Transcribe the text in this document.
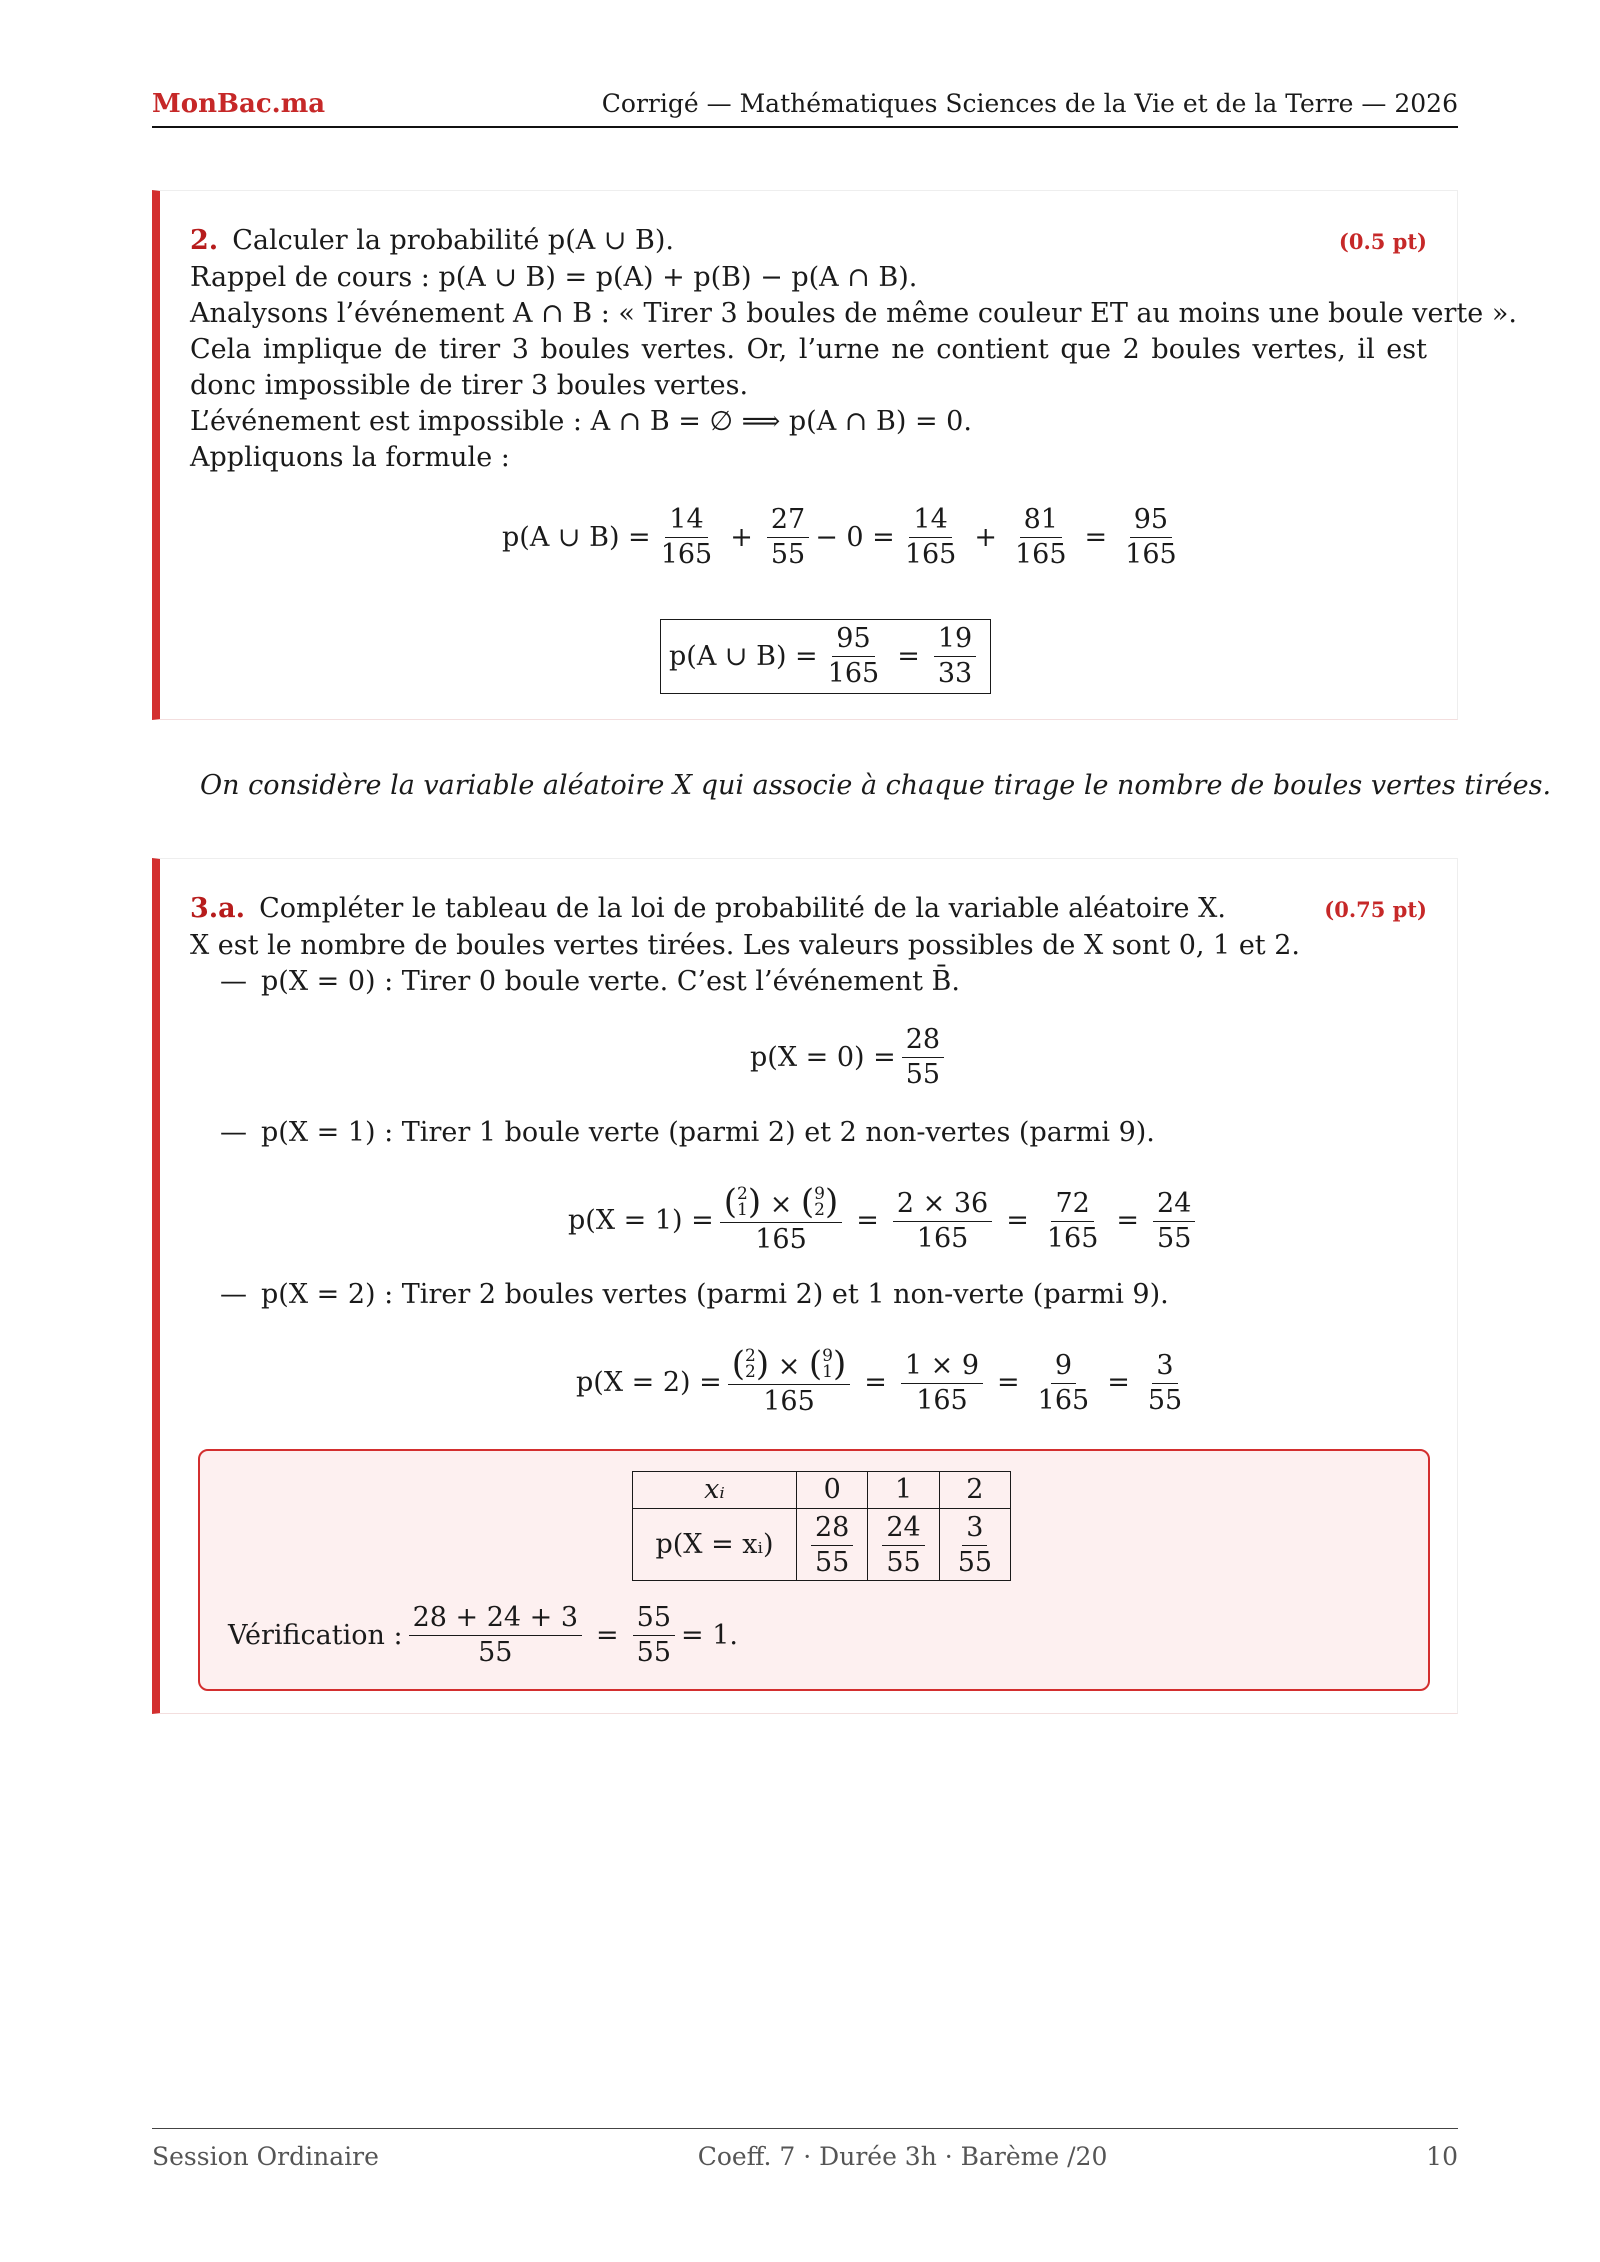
MonBac.ma	Corrigé — Mathématiques Sciences de la Vie et de la Terre — 2026
2. Calculer la probabilité p(A ∪ B).	(0.5 pt)
Rappel de cours : p(A ∪ B) = p(A) + p(B) − p(A ∩ B).
Analysons l’événement A ∩ B : « Tirer 3 boules de même couleur ET au moins une boule verte ».
Cela implique de tirer 3 boules vertes. Or, l’urne ne contient que 2 boules vertes, il est donc impossible de tirer 3 boules vertes.
L’événement est impossible : A ∩ B = ∅ ⟹ p(A ∩ B) = 0.
Appliquons la formule :
p(A ∪ $B) = \frac{14}{165} + \frac{27}{55} - 0 = \frac{14}{165} + \frac{81}{165} = \frac{95}{165}$
p(A ∪ $B) = \frac{95}{165} = \frac{19}{33}$
On considère la variable aléatoire X qui associe à chaque tirage le nombre de boules vertes tirées.
3.a. Compléter le tableau de la loi de probabilité de la variable aléatoire X.	(0.75 pt)
X est le nombre de boules vertes tirées. Les valeurs possibles de X sont 0, 1 et 2.
— p(X = 0) : Tirer 0 boule verte. C’est l’événement B̄.
$p(X = 0) = \frac{28}{55}$
— p(X = 1) : Tirer 1 boule verte (parmi 2) et 2 non-vertes (parmi 9).
p(X = 1) = ( 2
1 ) × ( 9
2 )
$165 = \frac{2 \times 36}{165} = \frac{72}{165} = \frac{24}{55}$
— p(X = 2) : Tirer 2 boules vertes (parmi 2) et 1 non-verte (parmi 9).
p(X = 2) = ( 2
2 ) × ( 9
1 )
$165 = \frac{1 \times 9}{165} = \frac{9}{165} = \frac{3}{55}$
xᵢ	0	1	2
p(X = xᵢ)	$\frac{28}{55}$	$\frac{24}{55}$	$\frac{3}{55}$
Vérification : $\frac{28 + 24 + 3}{55} = \frac{55}{55} = 1$.
Session Ordinaire	Coeff. 7 · Durée 3h · Barème /20	10
